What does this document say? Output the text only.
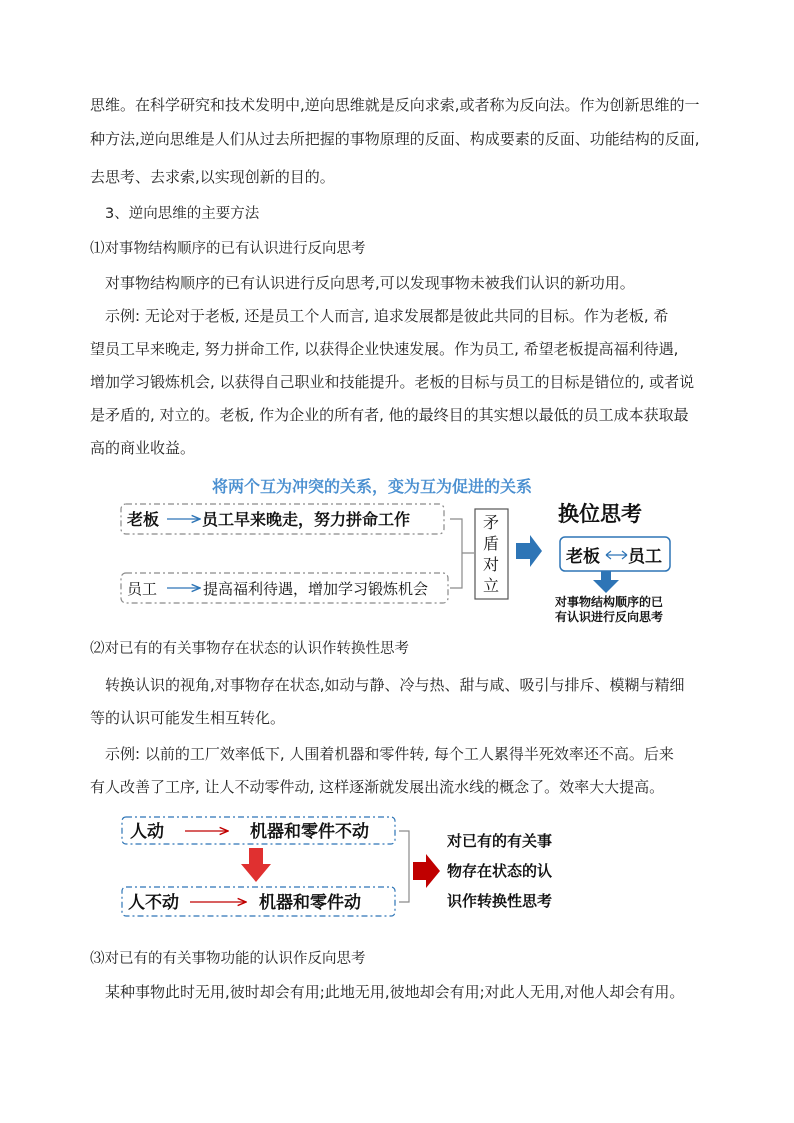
思维。在科学研究和技术发明中,逆向思维就是反向求索,或者称为反向法。作为创新思维的一
种方法,逆向思维是人们从过去所把握的事物原理的反面、构成要素的反面、功能结构的反面,
去思考、去求索,以实现创新的目的。
3、逆向思维的主要方法
⑴对事物结构顺序的已有认识进行反向思考
对事物结构顺序的已有认识进行反向思考,可以发现事物未被我们认识的新功用。
示例: 无论对于老板, 还是员工个人而言, 追求发展都是彼此共同的目标。作为老板, 希
望员工早来晚走, 努力拼命工作, 以获得企业快速发展。作为员工, 希望老板提高福利待遇,
增加学习锻炼机会, 以获得自己职业和技能提升。老板的目标与员工的目标是错位的, 或者说
是矛盾的, 对立的。老板, 作为企业的所有者, 他的最终目的其实想以最低的员工成本获取最
高的商业收益。
将两个互为冲突的关系，变为互为促进的关系
老板	员工早来晚走，努力拼命工作
员工	提高福利待遇，增加学习锻炼机会
矛
盾
对
立
换位思考
老板 员工
对事物结构顺序的已
有认识进行反向思考
人动	机器和零件不动
人不动	机器和零件动
对已有的有关事
物存在状态的认
识作转换性思考
⑵对已有的有关事物存在状态的认识作转换性思考
转换认识的视角,对事物存在状态,如动与静、冷与热、甜与咸、吸引与排斥、模糊与精细
等的认识可能发生相互转化。
示例: 以前的工厂效率低下, 人围着机器和零件转, 每个工人累得半死效率还不高。后来
有人改善了工序, 让人不动零件动, 这样逐渐就发展出流水线的概念了。效率大大提高。
⑶对已有的有关事物功能的认识作反向思考
某种事物此时无用,彼时却会有用;此地无用,彼地却会有用;对此人无用,对他人却会有用。
